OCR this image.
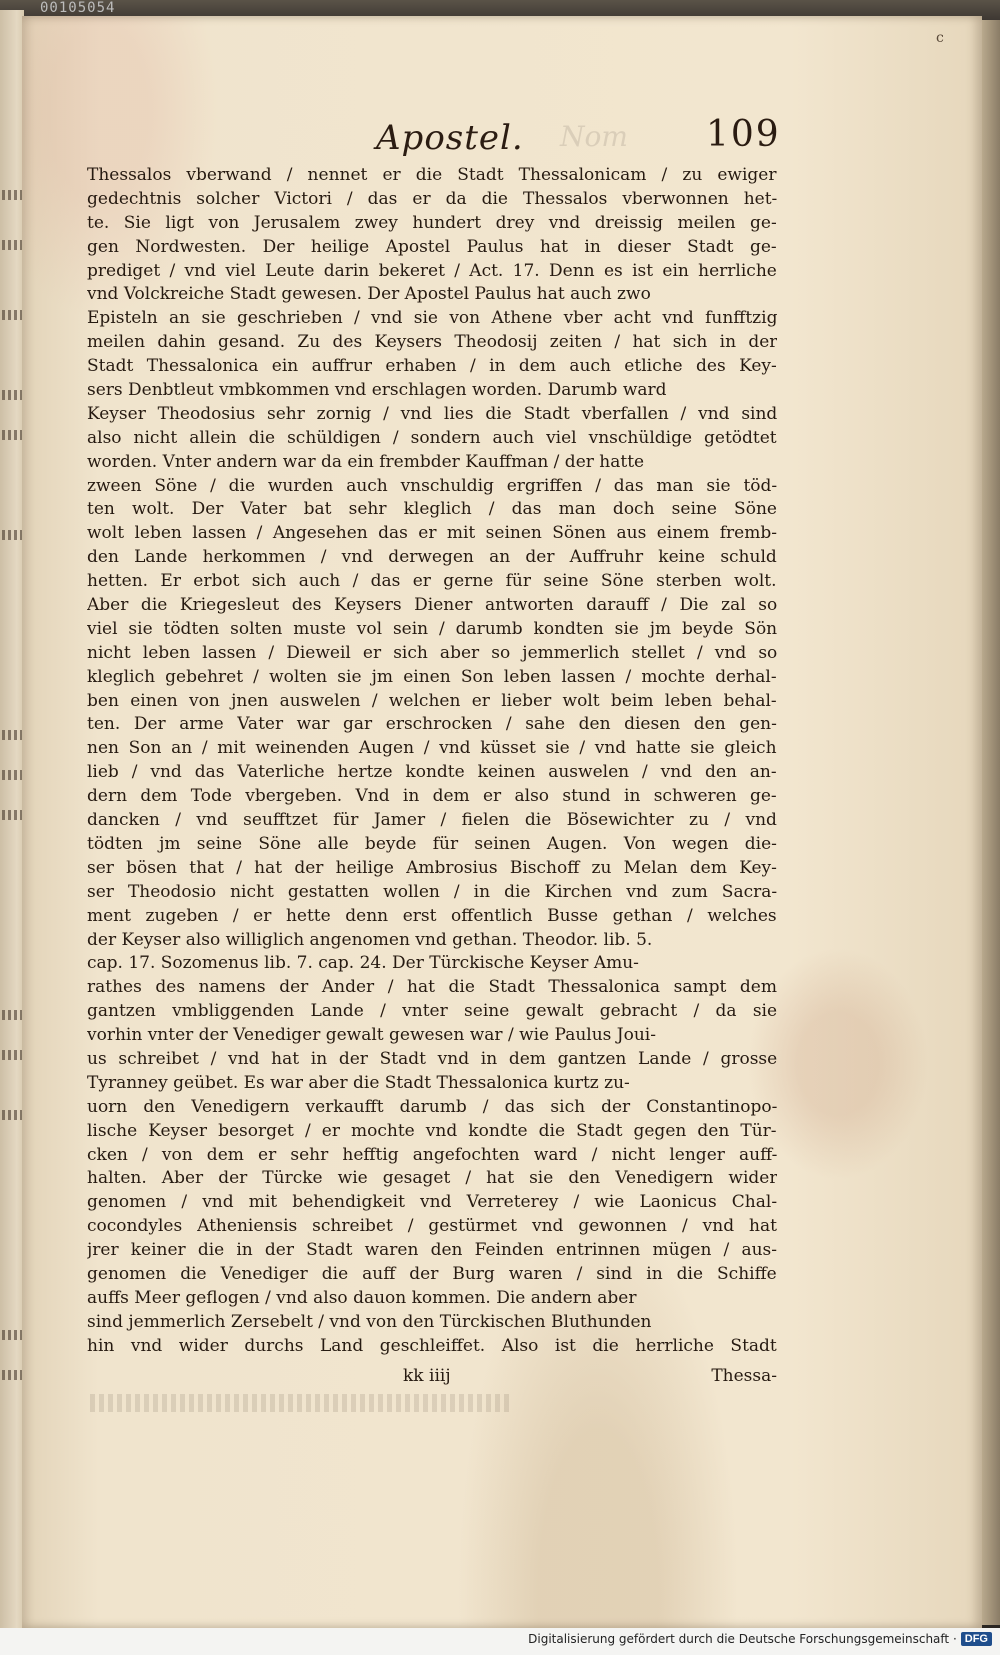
00105054
c
Nom
Apostel.	109
Thessalos vberwand / nennet er die Stadt Thessalonicam / zu ewiger
gedechtnis solcher Victori / das er da die Thessalos vberwonnen het-
te. Sie ligt von Jerusalem zwey hundert drey vnd dreissig meilen ge-
gen Nordwesten. Der heilige Apostel Paulus hat in dieser Stadt ge-
prediget / vnd viel Leute darin bekeret / Act. 17. Denn es ist ein herrliche
vnd Volckreiche Stadt gewesen. Der Apostel Paulus hat auch zwo
Episteln an sie geschrieben / vnd sie von Athene vber acht vnd funfftzig
meilen dahin gesand. Zu des Keysers Theodosij zeiten / hat sich in der
Stadt Thessalonica ein auffrur erhaben / in dem auch etliche des Key-
sers Denbtleut vmbkommen vnd erschlagen worden. Darumb ward
Keyser Theodosius sehr zornig / vnd lies die Stadt vberfallen / vnd sind
also nicht allein die schüldigen / sondern auch viel vnschüldige getödtet
worden. Vnter andern war da ein frembder Kauffman / der hatte
zween Söne / die wurden auch vnschuldig ergriffen / das man sie töd-
ten wolt. Der Vater bat sehr kleglich / das man doch seine Söne
wolt leben lassen / Angesehen das er mit seinen Sönen aus einem fremb-
den Lande herkommen / vnd derwegen an der Auffruhr keine schuld
hetten. Er erbot sich auch / das er gerne für seine Söne sterben wolt.
Aber die Kriegesleut des Keysers Diener antworten darauff / Die zal so
viel sie tödten solten muste vol sein / darumb kondten sie jm beyde Sön
nicht leben lassen / Dieweil er sich aber so jemmerlich stellet / vnd so
kleglich gebehret / wolten sie jm einen Son leben lassen / mochte derhal-
ben einen von jnen auswelen / welchen er lieber wolt beim leben behal-
ten. Der arme Vater war gar erschrocken / sahe den diesen den gen-
nen Son an / mit weinenden Augen / vnd küsset sie / vnd hatte sie gleich
lieb / vnd das Vaterliche hertze kondte keinen auswelen / vnd den an-
dern dem Tode vbergeben. Vnd in dem er also stund in schweren ge-
dancken / vnd seufftzet für Jamer / fielen die Bösewichter zu / vnd
tödten jm seine Söne alle beyde für seinen Augen. Von wegen die-
ser bösen that / hat der heilige Ambrosius Bischoff zu Melan dem Key-
ser Theodosio nicht gestatten wollen / in die Kirchen vnd zum Sacra-
ment zugeben / er hette denn erst offentlich Busse gethan / welches
der Keyser also williglich angenomen vnd gethan. Theodor. lib. 5.
cap. 17. Sozomenus lib. 7. cap. 24. Der Türckische Keyser Amu-
rathes des namens der Ander / hat die Stadt Thessalonica sampt dem
gantzen vmbliggenden Lande / vnter seine gewalt gebracht / da sie
vorhin vnter der Venediger gewalt gewesen war / wie Paulus Joui-
us schreibet / vnd hat in der Stadt vnd in dem gantzen Lande / grosse
Tyranney geübet. Es war aber die Stadt Thessalonica kurtz zu-
uorn den Venedigern verkaufft darumb / das sich der Constantinopo-
lische Keyser besorget / er mochte vnd kondte die Stadt gegen den Tür-
cken / von dem er sehr hefftig angefochten ward / nicht lenger auff-
halten. Aber der Türcke wie gesaget / hat sie den Venedigern wider
genomen / vnd mit behendigkeit vnd Verreterey / wie Laonicus Chal-
cocondyles Atheniensis schreibet / gestürmet vnd gewonnen / vnd hat
jrer keiner die in der Stadt waren den Feinden entrinnen mügen / aus-
genomen die Venediger die auff der Burg waren / sind in die Schiffe
auffs Meer geflogen / vnd also dauon kommen. Die andern aber
sind jemmerlich Zersebelt / vnd von den Türckischen Bluthunden
hin vnd wider durchs Land geschleiffet. Also ist die herrliche Stadt
kk iiij	Thessa-
Digitalisierung gefördert durch die Deutsche Forschungsgemeinschaft · DFG
